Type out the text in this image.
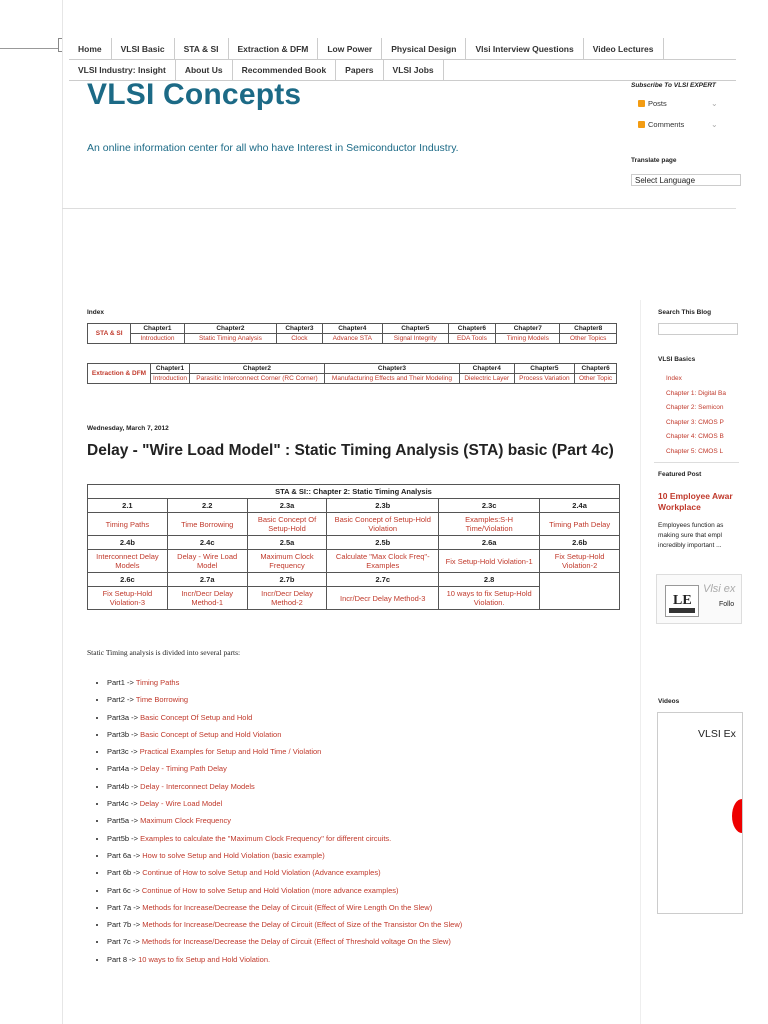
Home	VLSI Basic	STA & SI	Extraction & DFM	Low Power	Physical Design	Vlsi Interview Questions	Video Lectures
VLSI Industry: Insight	About Us	Recommended Book	Papers	VLSI Jobs
VLSI Concepts
An online information center for all who have Interest in Semiconductor Industry.
Subscribe To VLSI EXPERT
Posts	⌄
Comments	⌄
Translate page
Select Language
Index
STA & SI	Chapter1	Chapter2	Chapter3	Chapter4	Chapter5	Chapter6	Chapter7	Chapter8
	Introduction	Static Timing Analysis	Clock	Advance STA	Signal Integrity	EDA Tools	Timing Models	Other Topics
Extraction & DFM	Chapter1	Chapter2	Chapter3	Chapter4	Chapter5	Chapter6
	Introduction	Parasitic Interconnect Corner (RC Corner)	Manufacturing Effects and Their Modeling	Dielectric Layer	Process Variation	Other Topic
Wednesday, March 7, 2012
Delay - "Wire Load Model" : Static Timing Analysis (STA) basic (Part 4c)
STA & SI:: Chapter 2: Static Timing Analysis					
2.1	2.2	2.3a	2.3b	2.3c	2.4a
Timing Paths	Time Borrowing	Basic Concept Of Setup-Hold	Basic Concept of Setup-Hold Violation	Examples:S-H Time/Violation	Timing Path Delay
2.4b	2.4c	2.5a	2.5b	2.6a	2.6b
Interconnect Delay Models	Delay - Wire Load Model	Maximum Clock Frequency	Calculate "Max Clock Freq"- Examples	Fix Setup-Hold Violation-1	Fix Setup-Hold Violation-2
2.6c	2.7a	2.7b	2.7c	2.8	
Fix Setup-Hold Violation-3	Incr/Decr Delay Method-1	Incr/Decr Delay Method-2	Incr/Decr Delay Method-3	10 ways to fix Setup-Hold Violation.	
Static Timing analysis is divided into several parts:
• Part1 -> Timing Paths
• Part2 -> Time Borrowing
• Part3a -> Basic Concept Of Setup and Hold
• Part3b -> Basic Concept of Setup and Hold Violation
• Part3c -> Practical Examples for Setup and Hold Time / Violation
• Part4a -> Delay - Timing Path Delay
• Part4b -> Delay - Interconnect Delay Models
• Part4c -> Delay - Wire Load Model
• Part5a -> Maximum Clock Frequency
• Part5b -> Examples to calculate the "Maximum Clock Frequency" for different circuits.
• Part 6a -> How to solve Setup and Hold Violation (basic example)
• Part 6b -> Continue of How to solve Setup and Hold Violation (Advance examples)
• Part 6c -> Continue of How to solve Setup and Hold Violation (more advance examples)
• Part 7a -> Methods for Increase/Decrease the Delay of Circuit (Effect of Wire Length On the Slew)
• Part 7b -> Methods for Increase/Decrease the Delay of Circuit (Effect of Size of the Transistor On the Slew)
• Part 7c -> Methods for Increase/Decrease the Delay of Circuit (Effect of Threshold voltage On the Slew)
• Part 8 -> 10 ways to fix Setup and Hold Violation.
Search This Blog
VLSI Basics
• Index
• Chapter 1: Digital Ba
• Chapter 2: Semicon
• Chapter 3: CMOS P
• Chapter 4: CMOS B
• Chapter 5: CMOS L
Featured Post
10 Employee Awar
Workplace
Employees function as
making sure that empl
incredibly important ...
LE
Vlsi ex
Follo
Videos
VLSI Ex
